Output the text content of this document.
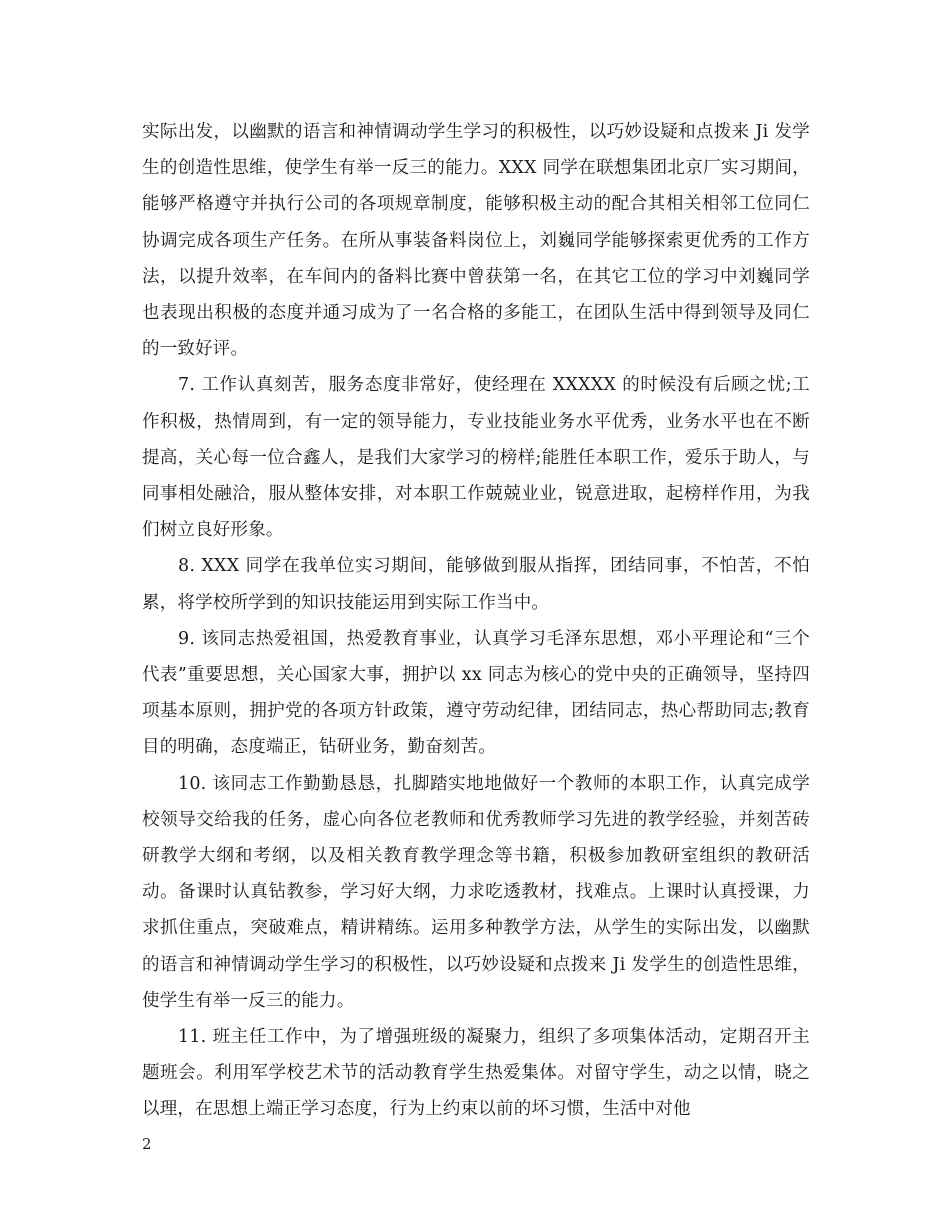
实际出发，以幽默的语言和神情调动学生学习的积极性，以巧妙设疑和点拨来 Ji 发学生的创造性思维，使学生有举一反三的能力。XXX 同学在联想集团北京厂实习期间，能够严格遵守并执行公司的各项规章制度，能够积极主动的配合其相关相邻工位同仁协调完成各项生产任务。在所从事装备料岗位上，刘巍同学能够探索更优秀的工作方法，以提升效率，在车间内的备料比赛中曾获第一名，在其它工位的学习中刘巍同学也表现出积极的态度并通习成为了一名合格的多能工，在团队生活中得到领导及同仁的一致好评。

7. 工作认真刻苦，服务态度非常好，使经理在 XXXXX 的时候没有后顾之忧;工作积极，热情周到，有一定的领导能力，专业技能业务水平优秀，业务水平也在不断提高，关心每一位合鑫人，是我们大家学习的榜样;能胜任本职工作，爱乐于助人，与同事相处融洽，服从整体安排，对本职工作兢兢业业，锐意进取，起榜样作用，为我们树立良好形象。

8. XXX 同学在我单位实习期间，能够做到服从指挥，团结同事，不怕苦，不怕累，将学校所学到的知识技能运用到实际工作当中。

9. 该同志热爱祖国，热爱教育事业，认真学习毛泽东思想，邓小平理论和“三个代表”重要思想，关心国家大事，拥护以 xx 同志为核心的党中央的正确领导，坚持四项基本原则，拥护党的各项方针政策，遵守劳动纪律，团结同志，热心帮助同志;教育目的明确，态度端正，钻研业务，勤奋刻苦。

10. 该同志工作勤勤恳恳，扎脚踏实地地做好一个教师的本职工作，认真完成学校领导交给我的任务，虚心向各位老教师和优秀教师学习先进的教学经验，并刻苦砖研教学大纲和考纲，以及相关教育教学理念等书籍，积极参加教研室组织的教研活动。备课时认真钻教参，学习好大纲，力求吃透教材，找难点。上课时认真授课，力求抓住重点，突破难点，精讲精练。运用多种教学方法，从学生的实际出发，以幽默的语言和神情调动学生学习的积极性，以巧妙设疑和点拨来 Ji 发学生的创造性思维，使学生有举一反三的能力。

11. 班主任工作中，为了增强班级的凝聚力，组织了多项集体活动，定期召开主题班会。利用军学校艺术节的活动教育学生热爱集体。对留守学生，动之以情，晓之以理，在思想上端正学习态度，行为上约束以前的坏习惯，生活中对他

2
